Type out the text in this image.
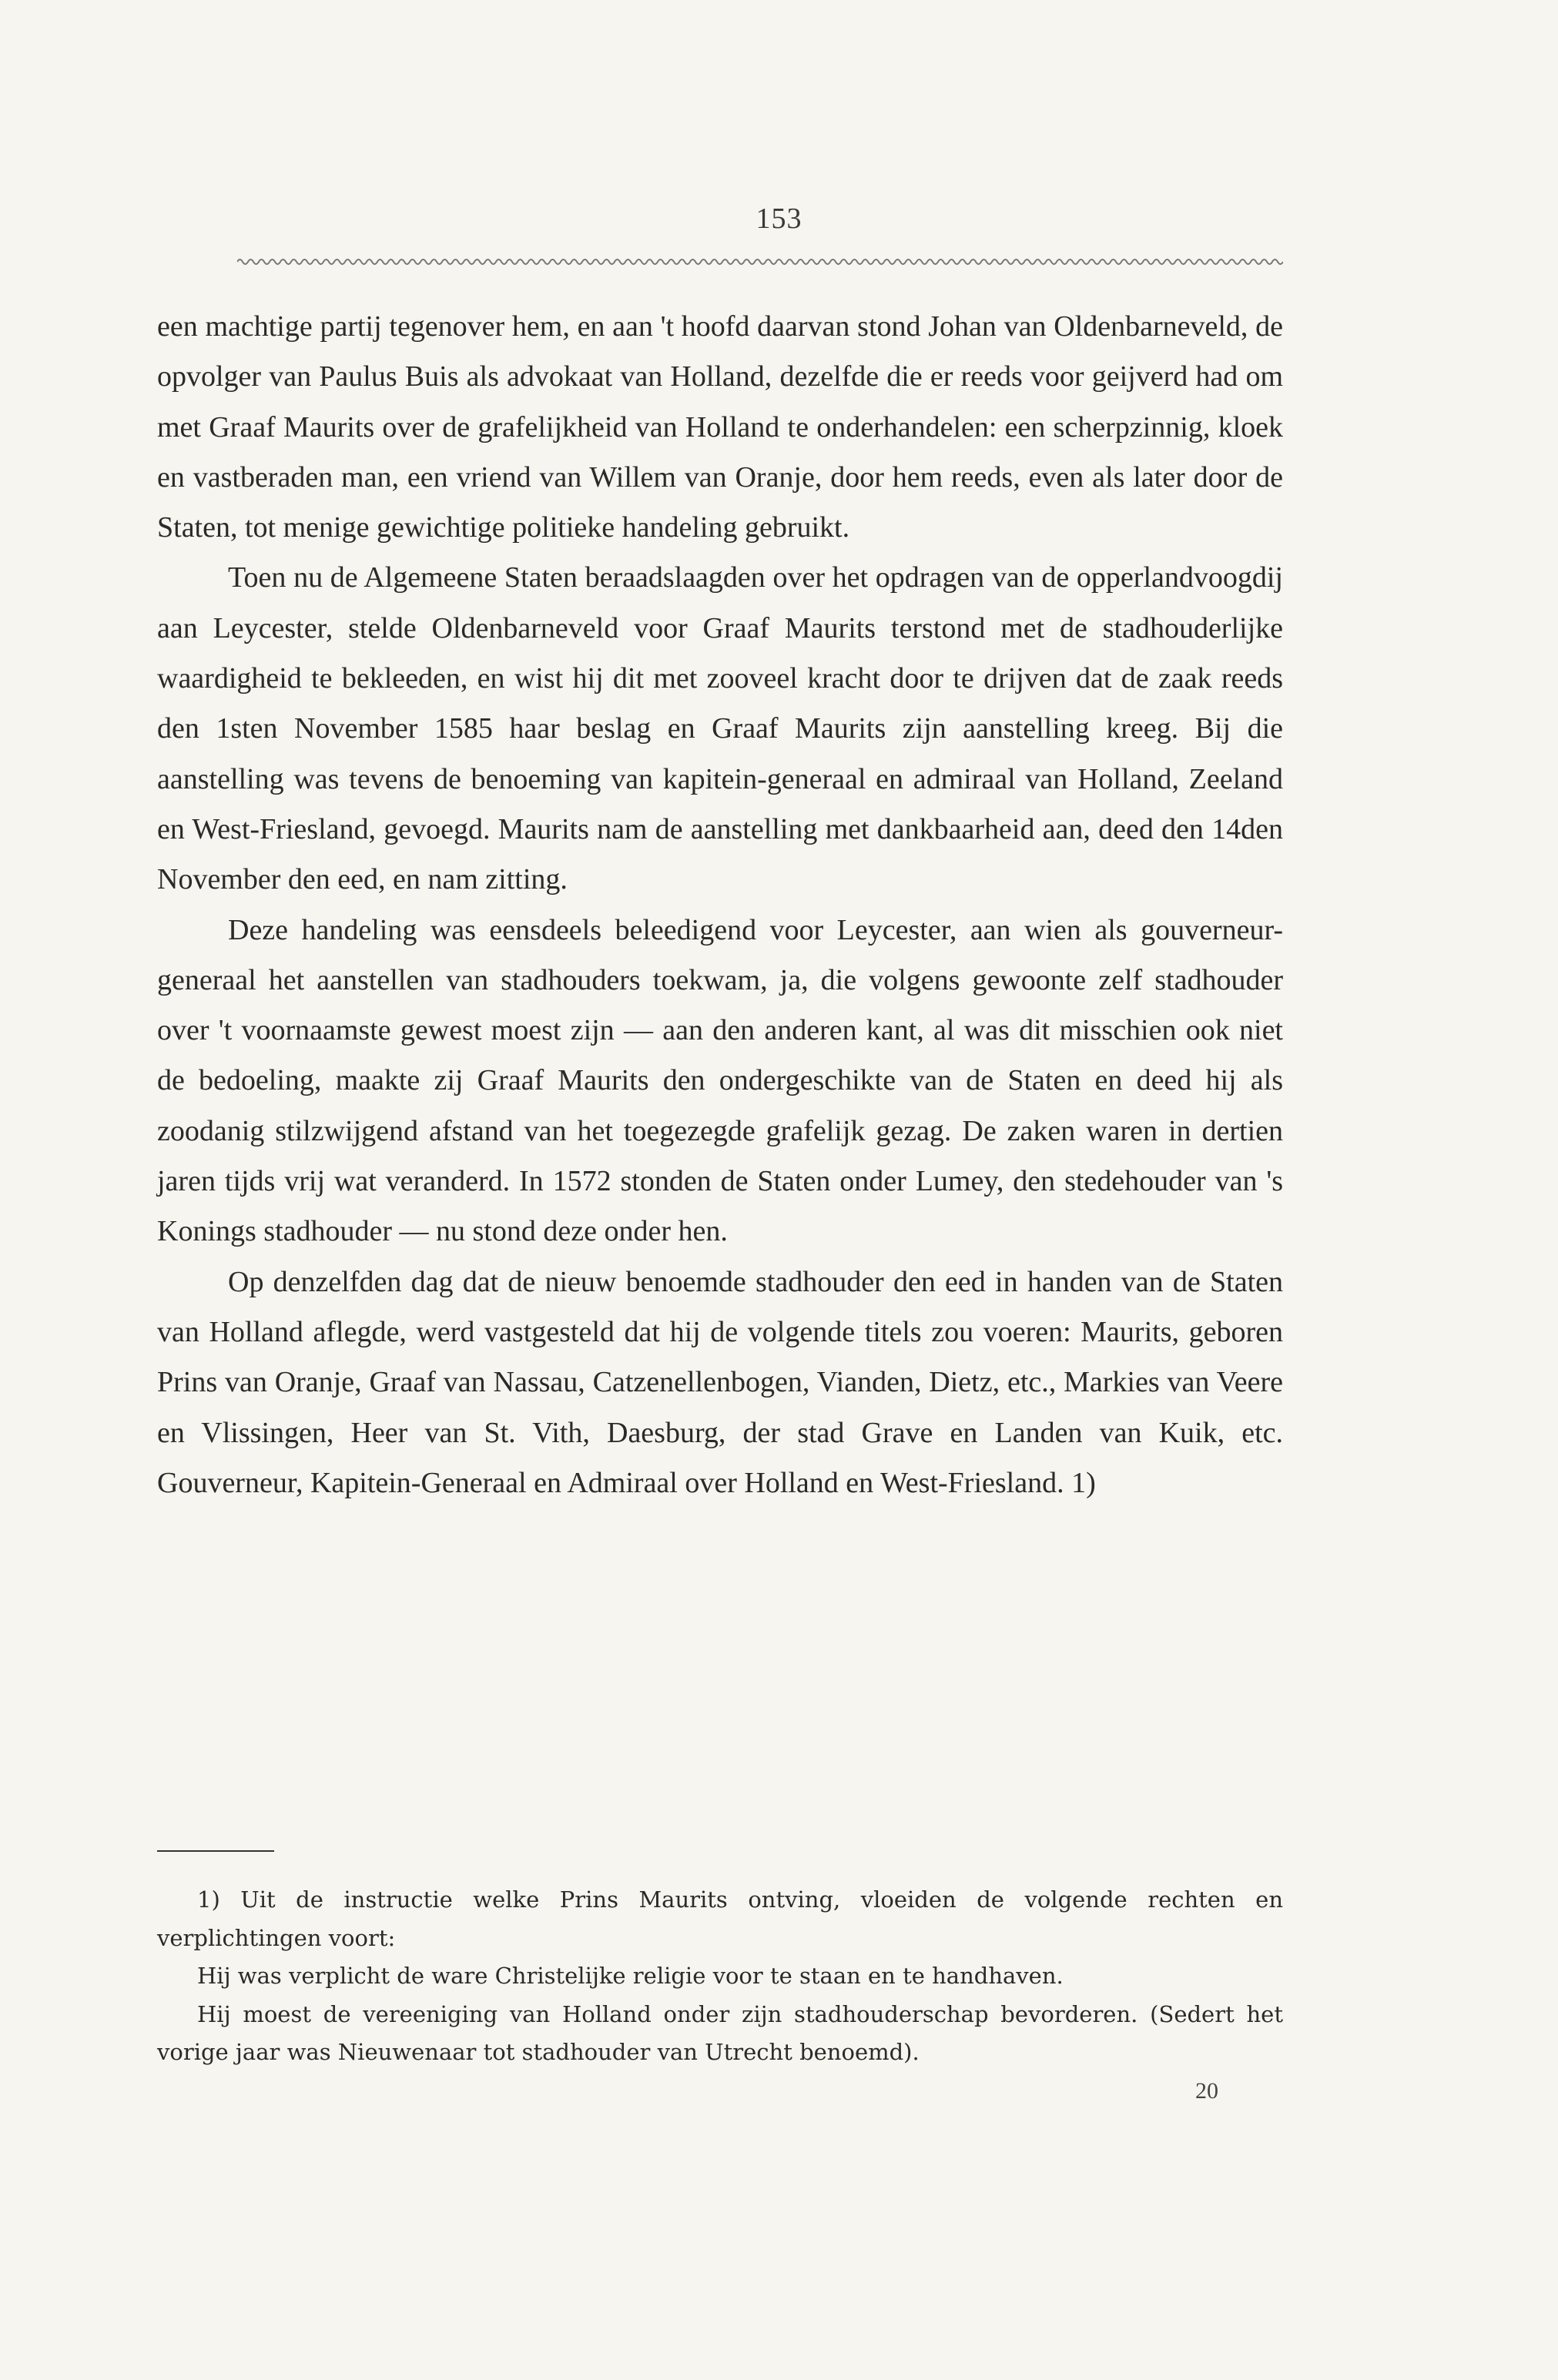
153

een machtige partij tegenover hem, en aan 't hoofd daarvan stond Johan van Oldenbarneveld, de opvolger van Paulus Buis als advokaat van Holland, dezelfde die er reeds voor geijverd had om met Graaf Maurits over de grafelijkheid van Holland te onderhandelen: een scherpzinnig, kloek en vastberaden man, een vriend van Willem van Oranje, door hem reeds, even als later door de Staten, tot menige gewichtige politieke handeling gebruikt.

Toen nu de Algemeene Staten beraadslaagden over het opdragen van de opperlandvoogdij aan Leycester, stelde Oldenbarneveld voor Graaf Maurits terstond met de stadhouderlijke waardigheid te bekleeden, en wist hij dit met zooveel kracht door te drijven dat de zaak reeds den 1sten November 1585 haar beslag en Graaf Maurits zijn aanstelling kreeg. Bij die aanstelling was tevens de benoeming van kapitein-generaal en admiraal van Holland, Zeeland en West-Friesland, gevoegd. Maurits nam de aanstelling met dankbaarheid aan, deed den 14den November den eed, en nam zitting.

Deze handeling was eensdeels beleedigend voor Leycester, aan wien als gouverneur-generaal het aanstellen van stadhouders toekwam, ja, die volgens gewoonte zelf stadhouder over 't voornaamste gewest moest zijn — aan den anderen kant, al was dit misschien ook niet de bedoeling, maakte zij Graaf Maurits den ondergeschikte van de Staten en deed hij als zoodanig stilzwijgend afstand van het toegezegde grafelijk gezag. De zaken waren in dertien jaren tijds vrij wat veranderd. In 1572 stonden de Staten onder Lumey, den stedehouder van 's Konings stadhouder — nu stond deze onder hen.

Op denzelfden dag dat de nieuw benoemde stadhouder den eed in handen van de Staten van Holland aflegde, werd vastgesteld dat hij de volgende titels zou voeren: Maurits, geboren Prins van Oranje, Graaf van Nassau, Catzenellenbogen, Vianden, Dietz, etc., Markies van Veere en Vlissingen, Heer van St. Vith, Daesburg, der stad Grave en Landen van Kuik, etc. Gouverneur, Kapitein-Generaal en Admiraal over Holland en West-Friesland. 1)

1) Uit de instructie welke Prins Maurits ontving, vloeiden de volgende rechten en verplichtingen voort:

Hij was verplicht de ware Christelijke religie voor te staan en te handhaven.

Hij moest de vereeniging van Holland onder zijn stadhouderschap bevorderen. (Sedert het vorige jaar was Nieuwenaar tot stadhouder van Utrecht benoemd).

20
